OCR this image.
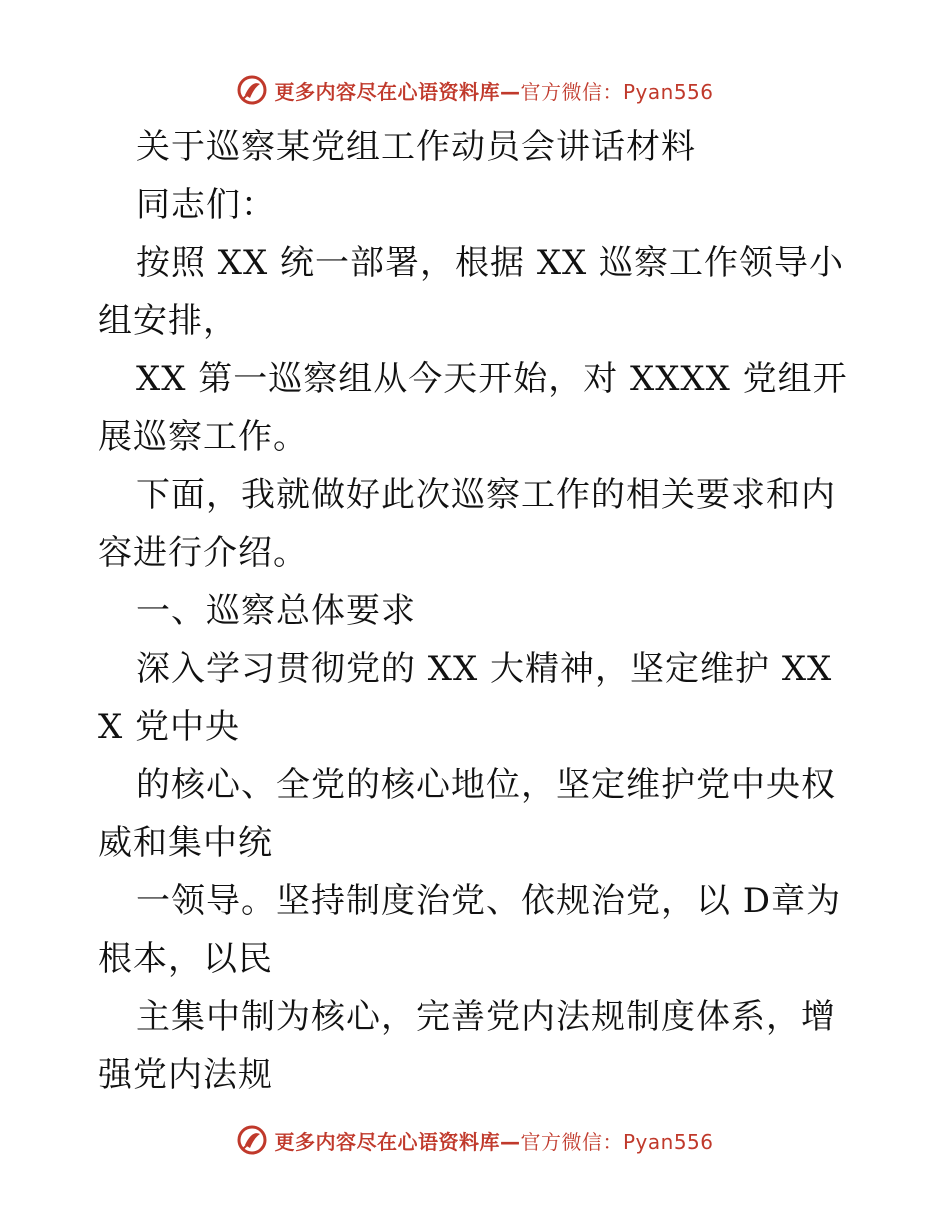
更多内容尽在心语资料库—官方微信：Pyan556

关于巡察某党组工作动员会讲话材料

同志们：

按照 XX 统一部署，根据 XX 巡察工作领导小组安排，

XX 第一巡察组从今天开始，对 XXXX 党组开展巡察工作。

下面，我就做好此次巡察工作的相关要求和内容进行介绍。

一、巡察总体要求

深入学习贯彻党的 XX 大精神，坚定维护 XXX 党中央

的核心、全党的核心地位，坚定维护党中央权威和集中统

一领导。坚持制度治党、依规治党，以 D章为根本，以民

主集中制为核心，完善党内法规制度体系，增强党内法规

更多内容尽在心语资料库—官方微信：Pyan556
